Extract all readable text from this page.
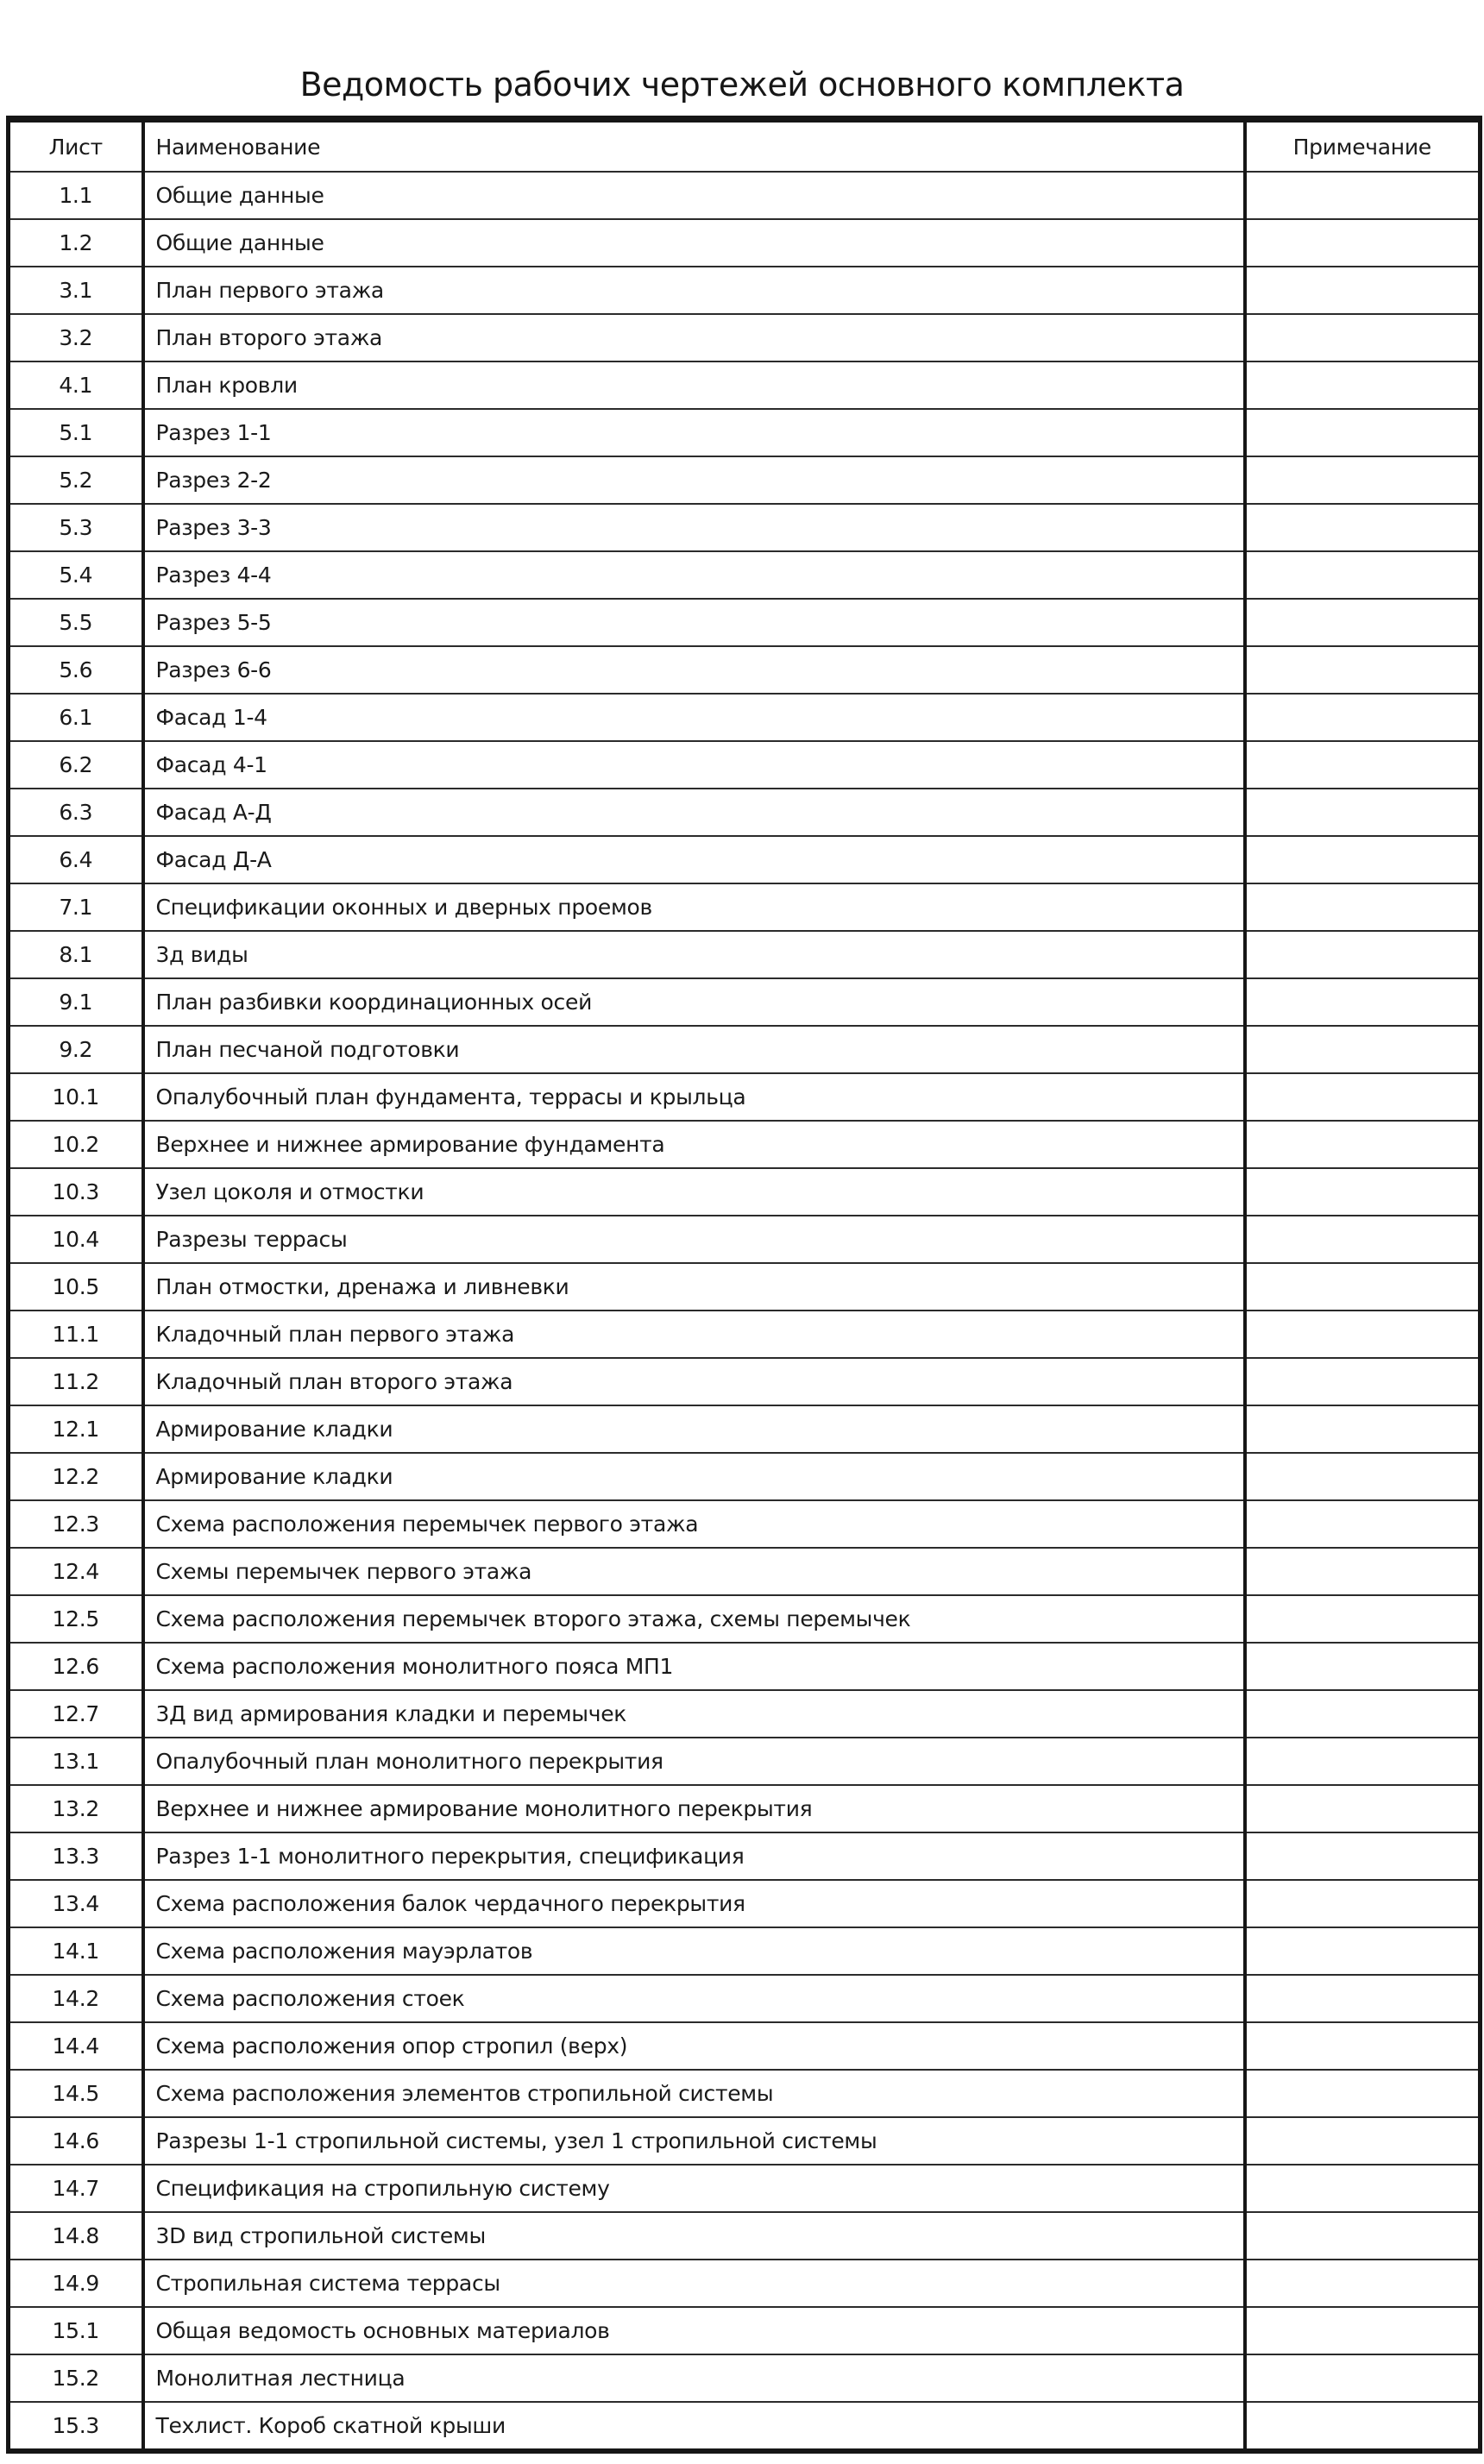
Ведомость рабочих чертежей основного комплекта
Лист	Наименование	Примечание
1.1	Общие данные	
1.2	Общие данные	
3.1	План первого этажа	
3.2	План второго этажа	
4.1	План кровли	
5.1	Разрез 1-1	
5.2	Разрез 2-2	
5.3	Разрез 3-3	
5.4	Разрез 4-4	
5.5	Разрез 5-5	
5.6	Разрез 6-6	
6.1	Фасад 1-4	
6.2	Фасад 4-1	
6.3	Фасад А-Д	
6.4	Фасад Д-А	
7.1	Спецификации оконных и дверных проемов	
8.1	3д виды	
9.1	План разбивки координационных осей	
9.2	План песчаной подготовки	
10.1	Опалубочный план фундамента, террасы и крыльца	
10.2	Верхнее и нижнее армирование фундамента	
10.3	Узел цоколя и отмостки	
10.4	Разрезы террасы	
10.5	План отмостки, дренажа и ливневки	
11.1	Кладочный план первого этажа	
11.2	Кладочный план второго этажа	
12.1	Армирование кладки	
12.2	Армирование кладки	
12.3	Схема расположения перемычек первого этажа	
12.4	Схемы перемычек первого этажа	
12.5	Схема расположения перемычек второго этажа, схемы перемычек	
12.6	Схема расположения монолитного пояса МП1	
12.7	3Д вид армирования кладки и перемычек	
13.1	Опалубочный план монолитного перекрытия	
13.2	Верхнее и нижнее армирование монолитного перекрытия	
13.3	Разрез 1-1 монолитного перекрытия, спецификация	
13.4	Схема расположения балок чердачного перекрытия	
14.1	Схема расположения мауэрлатов	
14.2	Схема расположения стоек	
14.4	Схема расположения опор стропил (верх)	
14.5	Схема расположения элементов стропильной системы	
14.6	Разрезы 1-1 стропильной системы, узел 1 стропильной системы	
14.7	Спецификация на стропильную систему	
14.8	3D вид стропильной системы	
14.9	Стропильная система террасы	
15.1	Общая ведомость основных материалов	
15.2	Монолитная лестница	
15.3	Техлист. Короб скатной крыши	
